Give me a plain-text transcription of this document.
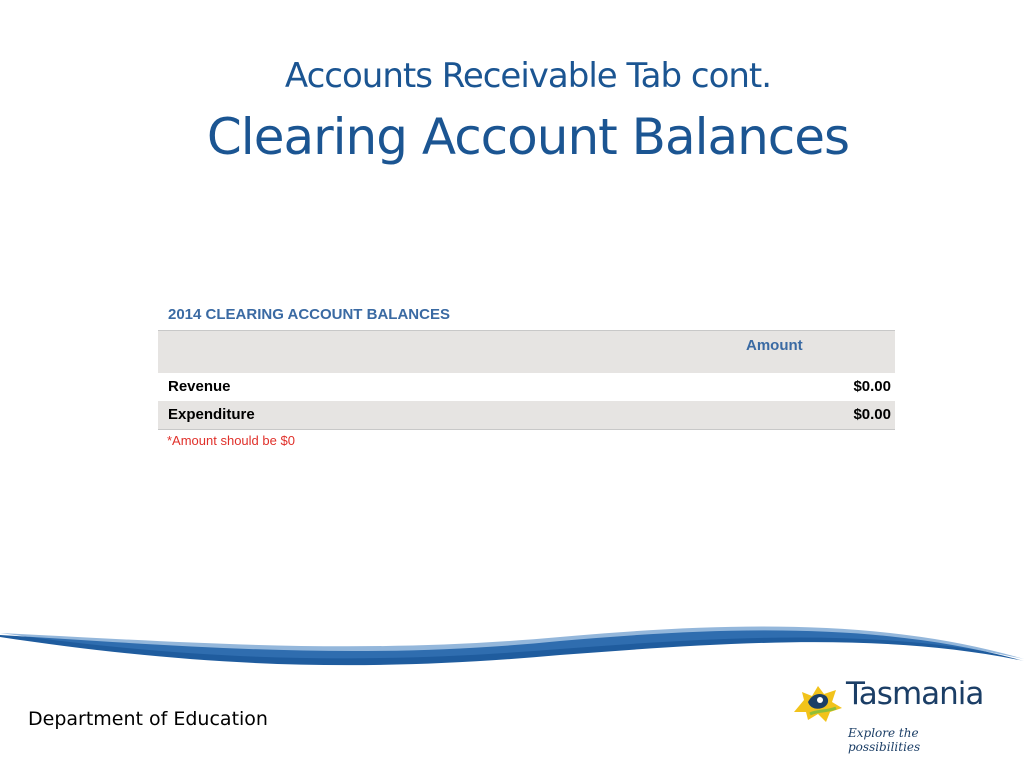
Accounts Receivable Tab cont.
Clearing Account Balances
2014 CLEARING ACCOUNT BALANCES
Amount
Revenue	$0.00
Expenditure	$0.00
*Amount should be $0
Department of Education
Tasmania
Explore the possibilities
